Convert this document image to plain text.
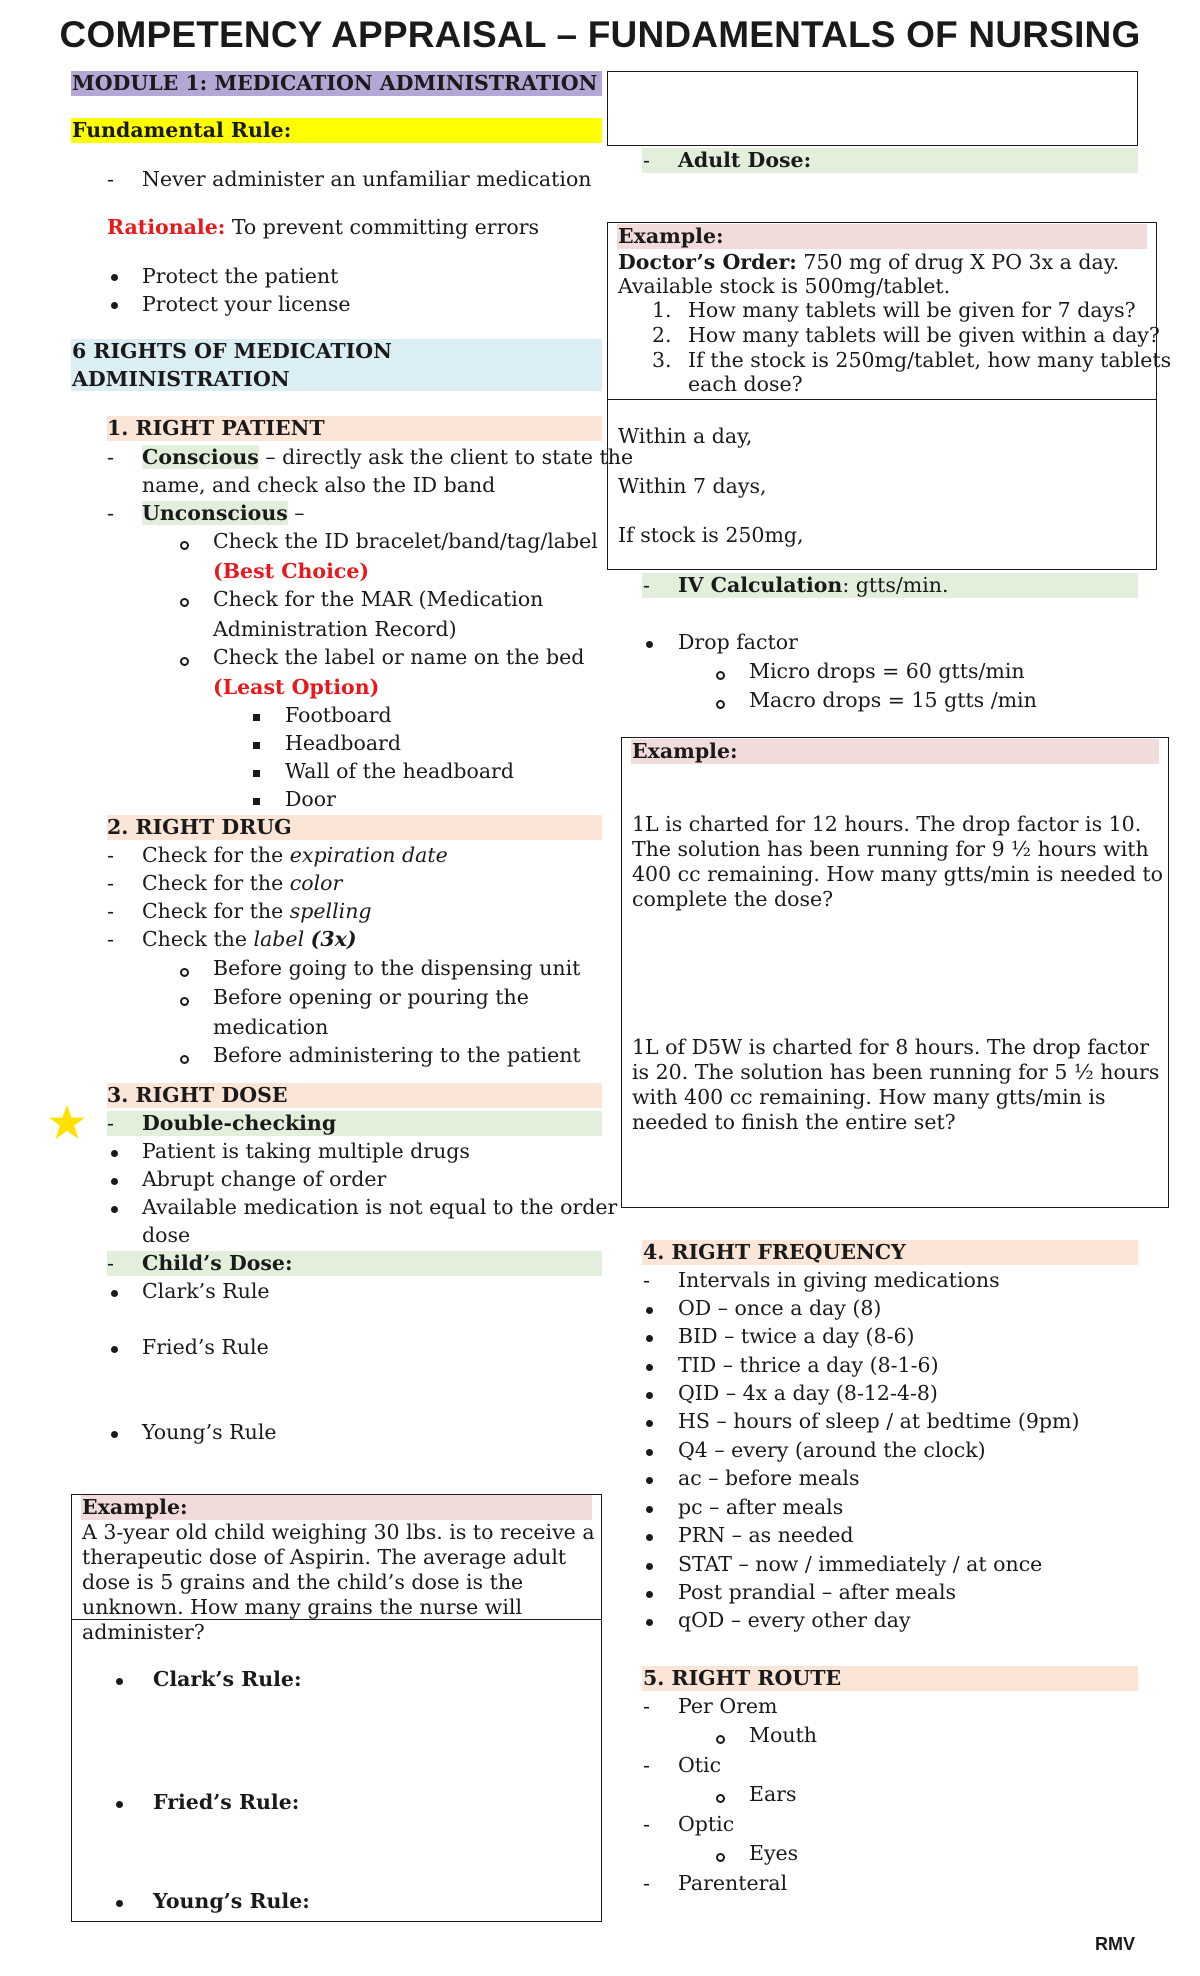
COMPETENCY APPRAISAL – FUNDAMENTALS OF NURSING
MODULE 1: MEDICATION ADMINISTRATION
Fundamental Rule:
- Never administer an unfamiliar medication
Rationale: To prevent committing errors
Protect the patient
Protect your license
6 RIGHTS OF MEDICATION
ADMINISTRATION
1. RIGHT PATIENT
- Conscious – directly ask the client to state the
name, and check also the ID band
- Unconscious –
Check the ID bracelet/band/tag/label
(Best Choice)
Check for the MAR (Medication
Administration Record)
Check the label or name on the bed
(Least Option)
Footboard
Headboard
Wall of the headboard
Door
2. RIGHT DRUG
- Check for the expiration date
- Check for the color
- Check for the spelling
- Check the label (3x)
Before going to the dispensing unit
Before opening or pouring the
medication
Before administering to the patient
3. RIGHT DOSE
- Double-checking
Patient is taking multiple drugs
Abrupt change of order
Available medication is not equal to the order
dose
- Child’s Dose:
Clark’s Rule
Fried’s Rule
Young’s Rule
Example:
A 3-year old child weighing 30 lbs. is to receive a therapeutic dose of Aspirin. The average adult dose is 5 grains and the child’s dose is the unknown. How many grains the nurse will administer?
Clark’s Rule:
Fried’s Rule:
Young’s Rule:
- Adult Dose:
Example:
Doctor’s Order: 750 mg of drug X PO 3x a day.
Available stock is 500mg/tablet.
1. How many tablets will be given for 7 days?
2. How many tablets will be given within a day?
3. If the stock is 250mg/tablet, how many tablets
each dose?
Within a day,
Within 7 days,
If stock is 250mg,
- IV Calculation: gtts/min.
Drop factor
Micro drops = 60 gtts/min
Macro drops = 15 gtts /min
Example:
1L is charted for 12 hours. The drop factor is 10. The solution has been running for 9 ½ hours with 400 cc remaining. How many gtts/min is needed to complete the dose?
1L of D5W is charted for 8 hours. The drop factor is 20. The solution has been running for 5 ½ hours with 400 cc remaining. How many gtts/min is needed to finish the entire set?
4. RIGHT FREQUENCY
- Intervals in giving medications
OD – once a day (8)
BID – twice a day (8-6)
TID – thrice a day (8-1-6)
QID – 4x a day (8-12-4-8)
HS – hours of sleep / at bedtime (9pm)
Q4 – every (around the clock)
ac – before meals
pc – after meals
PRN – as needed
STAT – now / immediately / at once
Post prandial – after meals
qOD – every other day
5. RIGHT ROUTE
- Per Orem
Mouth
- Otic
Ears
- Optic
Eyes
- Parenteral
RMV
